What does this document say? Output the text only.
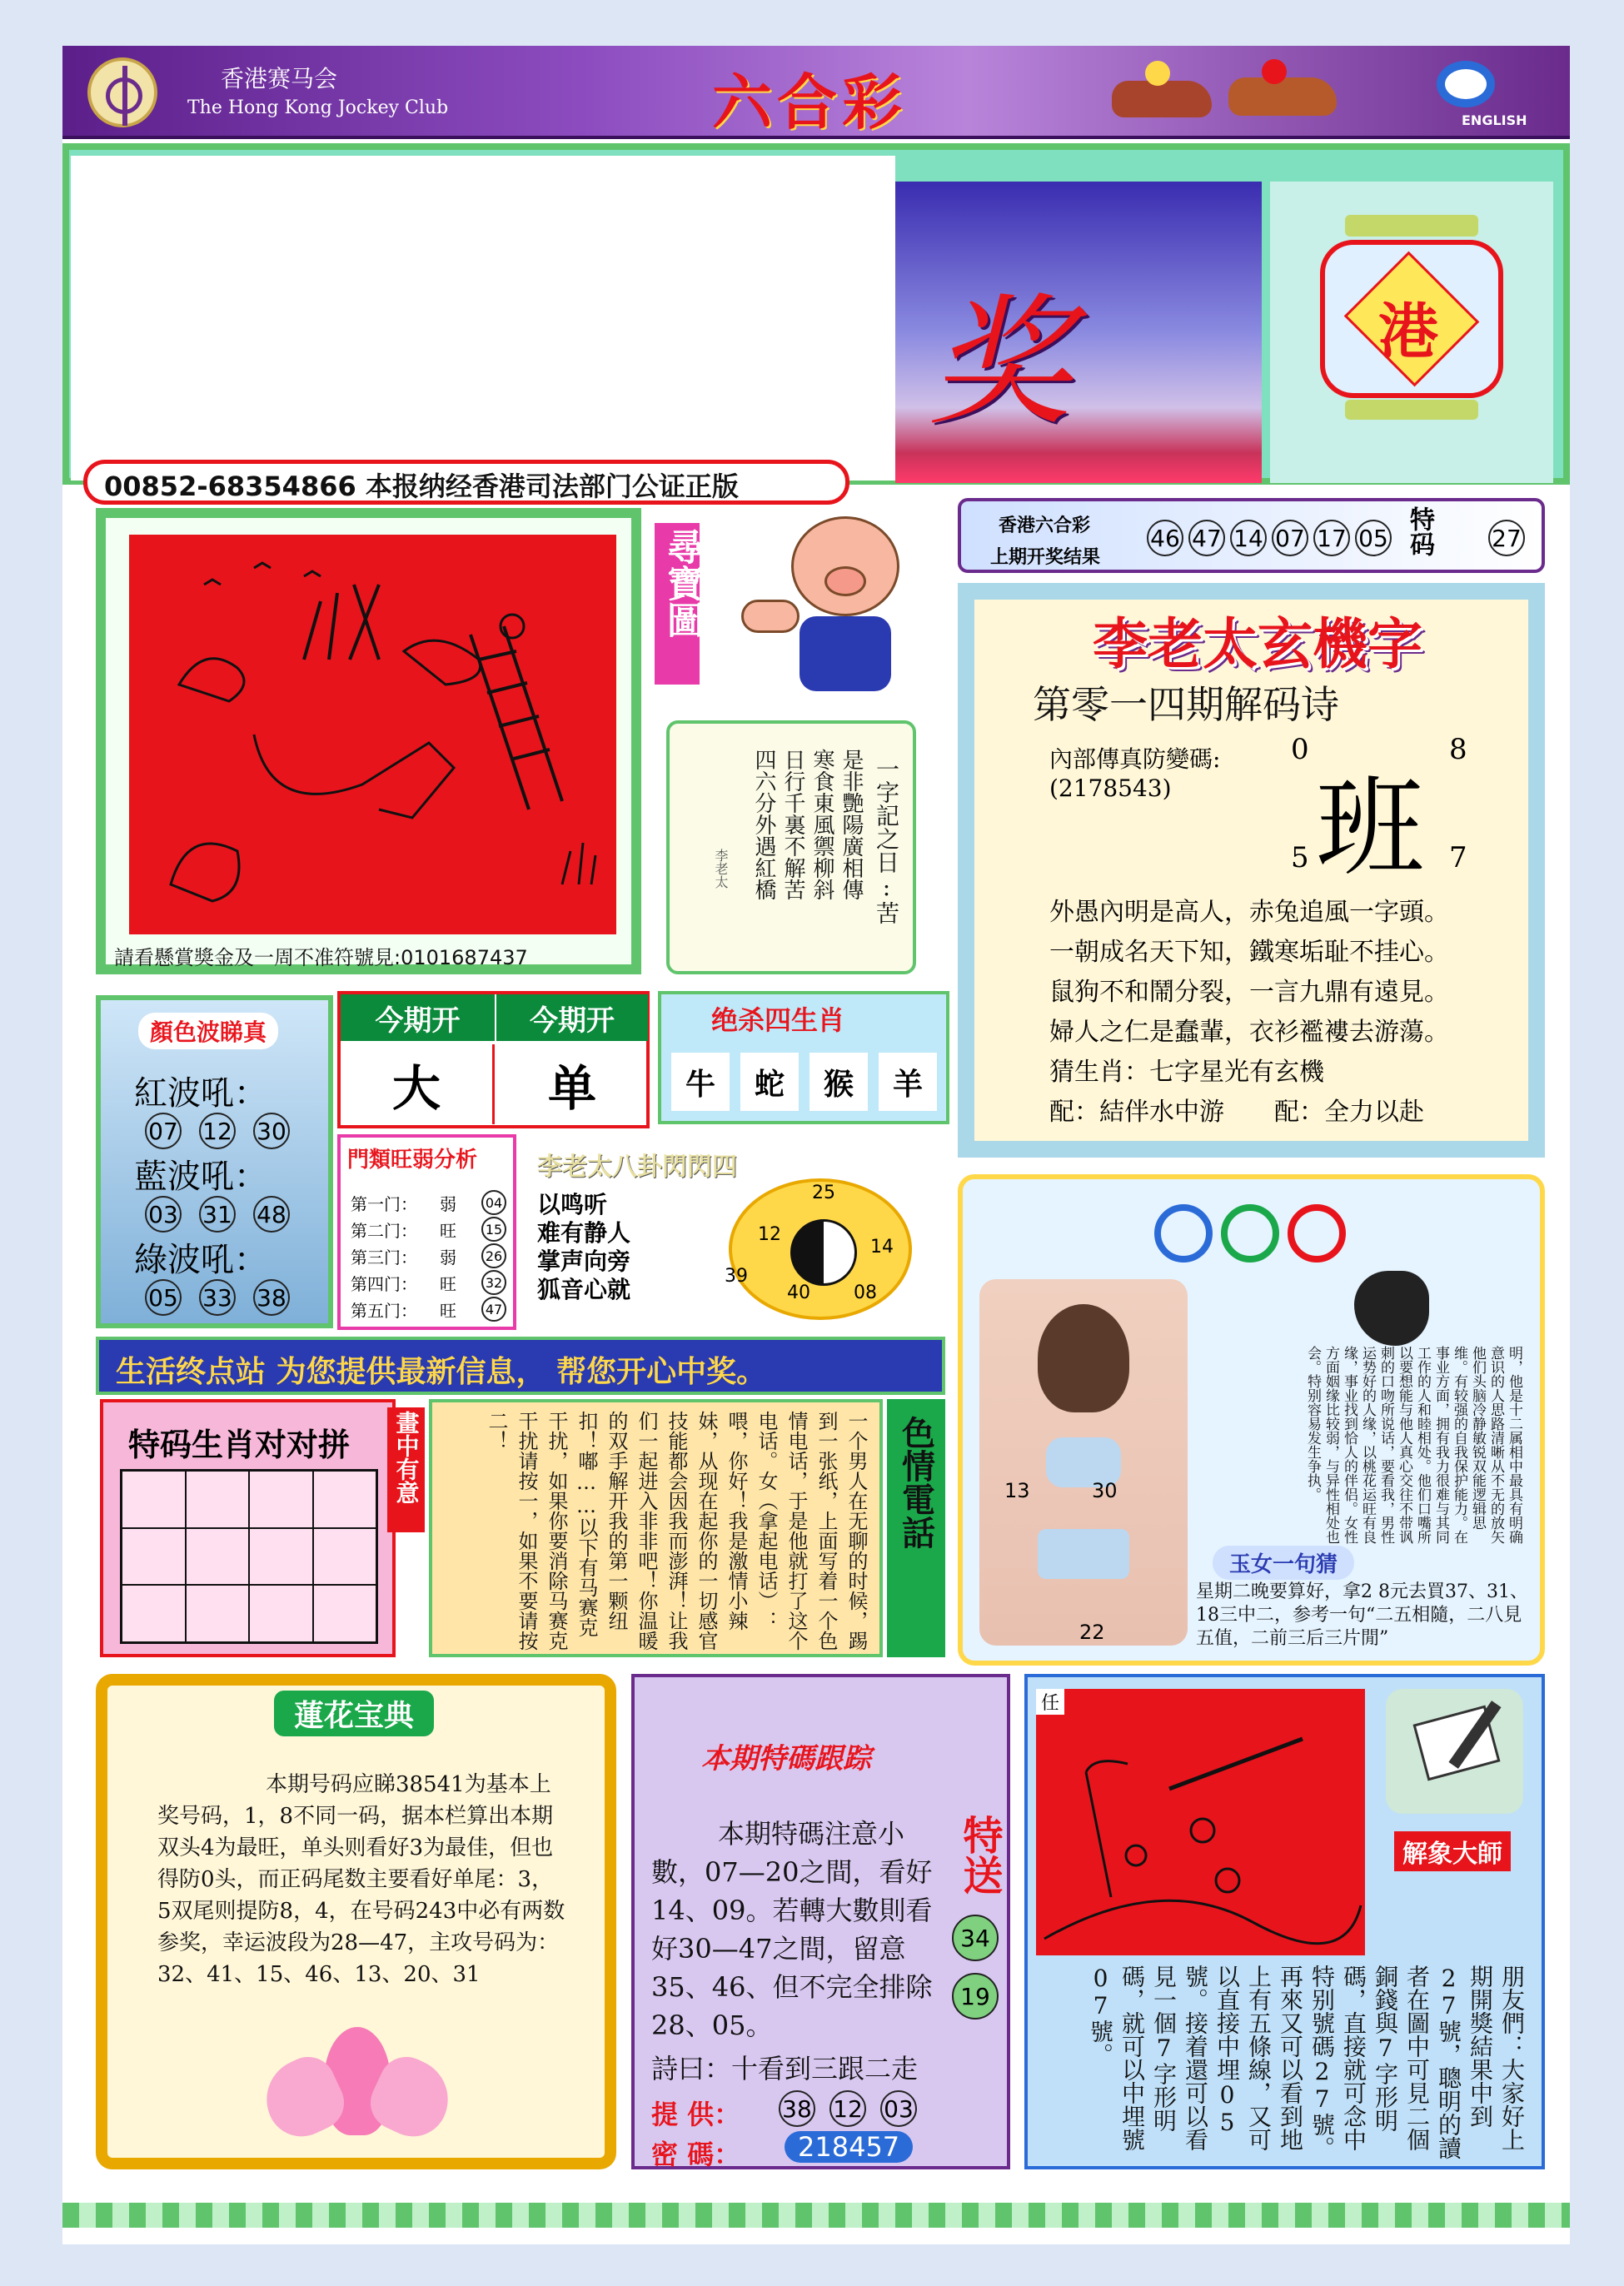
香港赛马会
The Hong Kong Jockey Club	六合彩	ENGLISH
00852-68354866 本报纳经香港司法部门公证正版
奖	港
請看懸賞獎金及一周不准符號見:0101687437
尋寶圖
一字記之日:苦
是非艷陽廣相傳
寒食東風禦柳斜
日行千裏不解苦
四六分外遇紅橋
李老太
香港六合彩
上期开奖结果
46 47 14 07 17 05 特码 27
李老太玄機字
第零一四期解码诗
內部傳真防變碼:
(2178543)
0	8
班
5	7
外愚內明是高人，赤兔追風一字頭。
一朝成名天下知，鐵寒垢耻不挂心。
鼠狗不和鬧分裂，一言九鼎有遠見。
婦人之仁是蠢輩，衣衫襤褸去游蕩。
猜生肖：七字星光有玄機
配：結伴水中游 配：全力以赴
顏色波睇真
紅波吼：
07 12 30
藍波吼：
03 31 48
綠波吼：
05 33 38
今期开	今期开
大	单
绝杀四生肖
牛	蛇	猴	羊
門類旺弱分析
第一门： 弱	04
第二门： 旺	15
第三门： 弱	26
第四门： 旺	32
第五门： 旺	47
李老太八卦閃閃四
以鸣听
难有静人
掌声向旁
狐音心就
25
12
14
39
40 08
生活终点站 为您提供最新信息， 帮您开心中奖。
特码生肖对对拼 畫中有意	一个男人在无聊的时候，踢到一张纸，上面写着一个色情电话，于是他就打了这个电话。女（拿起电话）：喂，你好！我是激情小辣妹，从现在起你的一切感官技能都会因我而澎湃！让我们一起进入非非吧！你温暖的双手解开我的第一颗纽扣！嘟……以下有马赛克干扰，如果你要消除马赛克干扰请按一，如果不要请按二！	色情電話	13	30
22
明，他是十二属相中最具有明确意识的人思路清晰从不无的放矢他们头脑冷静敏锐双能逻辑思维。有较强的自我保护能力。在事业方面，拥有我力很难与其同工作的人和睦相处。他们口嘴所以要想能与他人真心交往不带讽刺的口吻所说话，要看我，男性运势好的人缘，以桃花运旺有良缘，事业找到恰人的伴侣。女性方面姻缘比较弱，与异性相处也会。特别容易发生争执。
玉女一句猜
星期二晚要算好，拿2 8元去買37、31、18三中二，参考一句“二五相隨，二八見五值，二前三后三片閒”
蓮花宝典
本期号码应睇38541为基本上奖号码，1，8不同一码，据本栏算出本期双头4为最旺，单头则看好3为最佳，但也得防0头，而正码尾数主要看好单尾：3，5双尾则提防8，4，在号码243中必有两数参奖，幸运波段为28—47，主攻号码为：32、41、15、46、13、20、31
本期特碼跟踪
本期特碼注意小數，07—20之間，看好14、09。若轉大數則看好30—47之間，留意35、46、但不完全排除28、05。
特送
34
19
詩曰：十看到三跟二走
提 供： 38 12 03
密 碼：	218457
任
解象大師
朋友們：大家好上期開獎結果中到27號，聰明的讀者在圖中可見二個銅錢與7字形明碼，直接就可念中特别號碼27號。再來又可以看到地上有五條線，又可以直接中埋05號。接着還可以看見一個7字形明碼，就可以中埋號07號。
